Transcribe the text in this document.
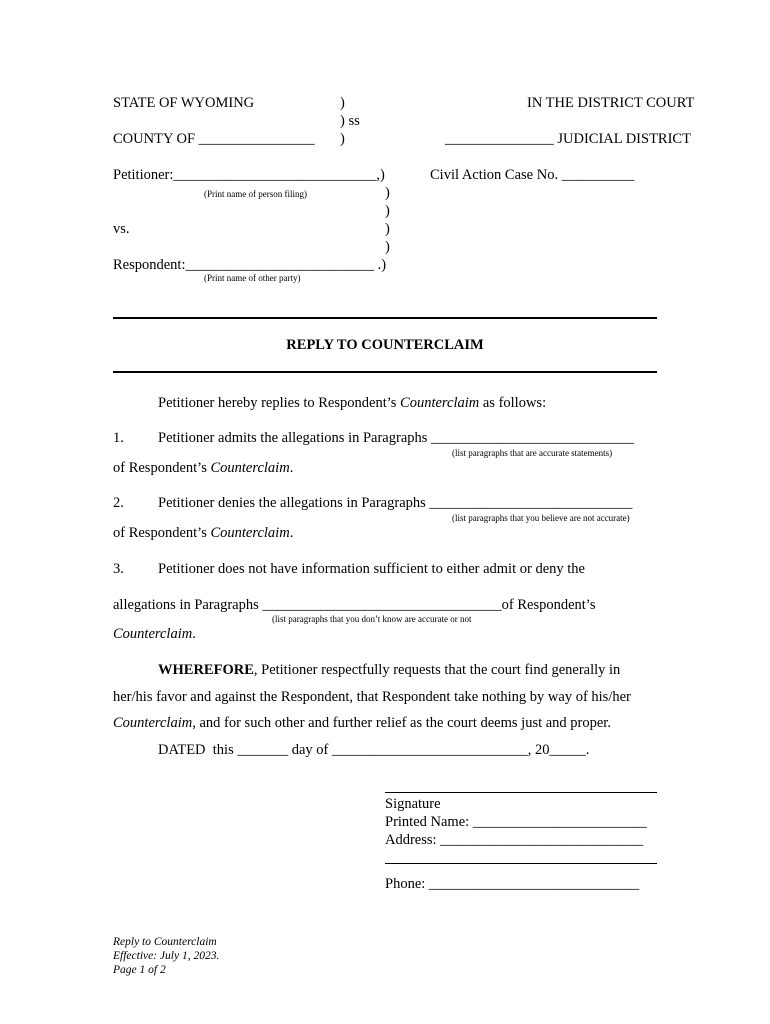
STATE OF WYOMING
COUNTY OF ________________
)
) ss
)
IN THE DISTRICT COURT
_______________ JUDICIAL DISTRICT
Petitioner:____________________________,)
(Print name of person filing)
Civil Action Case No. __________
)
)
vs.	)
)
Respondent:__________________________ .)
(Print name of other party)
REPLY TO COUNTERCLAIM
Petitioner hereby replies to Respondent’s Counterclaim as follows:
1. Petitioner admits the allegations in Paragraphs ____________________________
(list paragraphs that are accurate statements)
of Respondent’s Counterclaim.
2. Petitioner denies the allegations in Paragraphs ____________________________
(list paragraphs that you believe are not accurate)
of Respondent’s Counterclaim.
3. Petitioner does not have information sufficient to either admit or deny the
allegations in Paragraphs _________________________________of Respondent’s
(list paragraphs that you don’t know are accurate or not
Counterclaim.
WHEREFORE, Petitioner respectfully requests that the court find generally in
her/his favor and against the Respondent, that Respondent take nothing by way of his/her
Counterclaim, and for such other and further relief as the court deems just and proper.
DATED  this _______ day of ___________________________, 20_____.
Signature
Printed Name: ________________________
Address: ____________________________
Phone: _____________________________
Reply to Counterclaim
Effective: July 1, 2023.
Page 1 of 2
